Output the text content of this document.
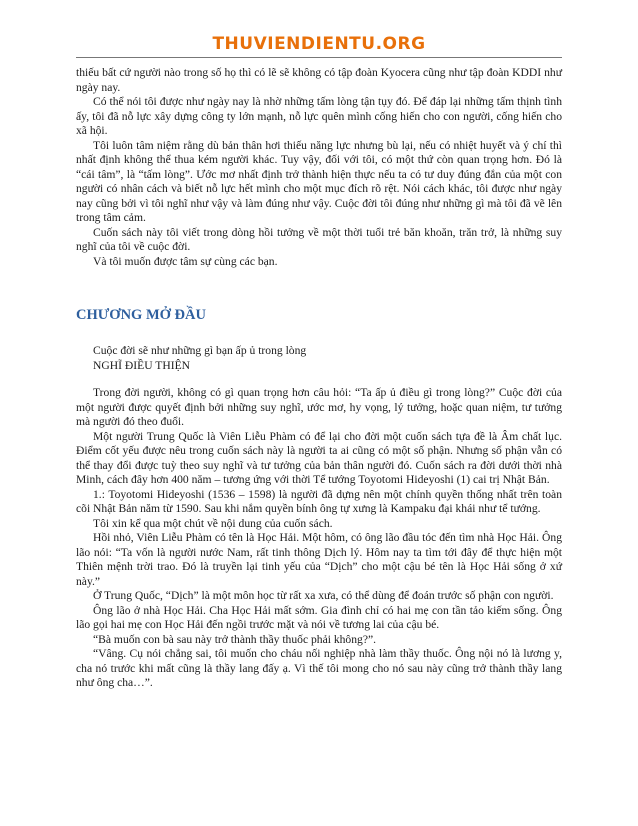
THUVIENDIENTU.ORG

thiếu bất cứ người nào trong số họ thì có lẽ sẽ không có tập đoàn Kyocera cũng như tập đoàn KDDI như ngày nay.

Có thể nói tôi được như ngày nay là nhờ những tấm lòng tận tụy đó. Để đáp lại những tấm thịnh tình ấy, tôi đã nỗ lực xây dựng công ty lớn mạnh, nỗ lực quên mình cống hiến cho con người, cống hiến cho xã hội.

Tôi luôn tâm niệm rằng dù bản thân hơi thiếu năng lực nhưng bù lại, nếu có nhiệt huyết và ý chí thì nhất định không thể thua kém người khác. Tuy vậy, đối với tôi, có một thứ còn quan trọng hơn. Đó là “cái tâm”, là “tấm lòng”. Ước mơ nhất định trở thành hiện thực nếu ta có tư duy đúng đắn của một con người có nhân cách và biết nỗ lực hết mình cho một mục đích rõ rệt. Nói cách khác, tôi được như ngày nay cũng bởi vì tôi nghĩ như vậy và làm đúng như vậy. Cuộc đời tôi đúng như những gì mà tôi đã vẽ lên trong tâm cảm.

Cuốn sách này tôi viết trong dòng hồi tưởng về một thời tuổi trẻ băn khoăn, trăn trở, là những suy nghĩ của tôi về cuộc đời.

Và tôi muốn được tâm sự cùng các bạn.

CHƯƠNG MỞ ĐẦU

Cuộc đời sẽ như những gì bạn ấp ủ trong lòng

NGHĨ ĐIỀU THIỆN

Trong đời người, không có gì quan trọng hơn câu hỏi: “Ta ấp ủ điều gì trong lòng?” Cuộc đời của một người được quyết định bởi những suy nghĩ, ước mơ, hy vọng, lý tưởng, hoặc quan niệm, tư tưởng mà người đó theo đuổi.

Một người Trung Quốc là Viên Liễu Phàm có để lại cho đời một cuốn sách tựa đề là Âm chất lục. Điểm cốt yếu được nêu trong cuốn sách này là người ta ai cũng có một số phận. Nhưng số phận vẫn có thể thay đổi được tuỳ theo suy nghĩ và tư tưởng của bản thân người đó. Cuốn sách ra đời dưới thời nhà Minh, cách đây hơn 400 năm – tương ứng với thời Tể tướng Toyotomi Hideyoshi (1) cai trị Nhật Bản.

1.: Toyotomi Hideyoshi (1536 – 1598) là người đã dựng nên một chính quyền thống nhất trên toàn cõi Nhật Bản năm từ 1590. Sau khi nắm quyền bính ông tự xưng là Kampaku đại khái như tể tướng.

Tôi xin kể qua một chút về nội dung của cuốn sách.

Hồi nhỏ, Viên Liễu Phàm có tên là Học Hải. Một hôm, có ông lão đầu tóc đến tìm nhà Học Hải. Ông lão nói: “Ta vốn là người nước Nam, rất tinh thông Dịch lý. Hôm nay ta tìm tới đây để thực hiện một Thiên mệnh trời trao. Đó là truyền lại tinh yếu của “Dịch” cho một cậu bé tên là Học Hải sống ở xứ này.”

Ở Trung Quốc, “Dịch” là một môn học từ rất xa xưa, có thể dùng để đoán trước số phận con người.

Ông lão ở nhà Học Hải. Cha Học Hải mất sớm. Gia đình chỉ có hai mẹ con tần tảo kiếm sống. Ông lão gọi hai mẹ con Học Hải đến ngồi trước mặt và nói về tương lai của cậu bé.

“Bà muốn con bà sau này trở thành thầy thuốc phải không?”.

“Vâng. Cụ nói chẳng sai, tôi muốn cho cháu nối nghiệp nhà làm thầy thuốc. Ông nội nó là lương y, cha nó trước khi mất cũng là thầy lang đấy ạ. Vì thế tôi mong cho nó sau này cũng trở thành thầy lang như ông cha…”.
